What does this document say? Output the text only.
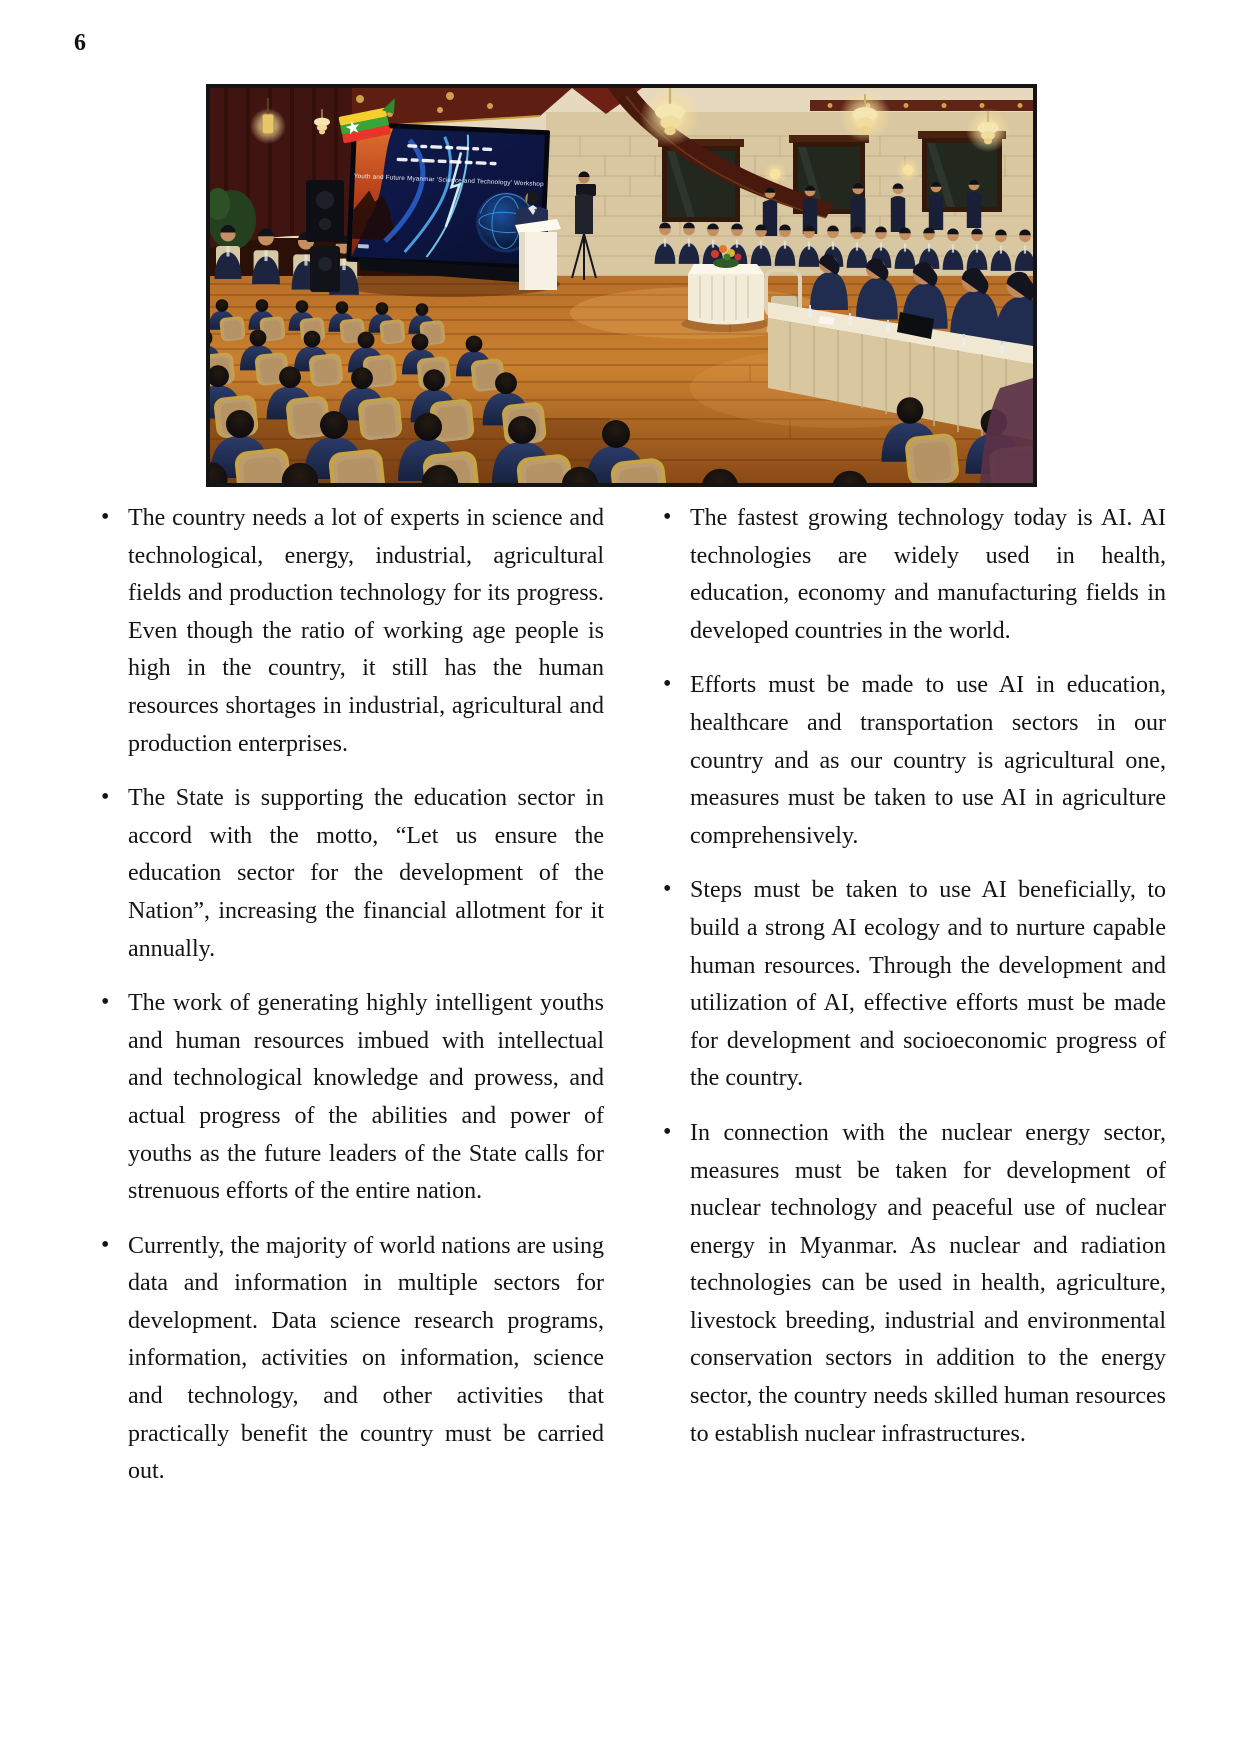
6
Youth and Future Myanmar ‘Science and Technology’ Workshop
• The country needs a lot of experts in science and technological, energy, industrial, agricultural fields and production technology for its progress. Even though the ratio of working age people is high in the country, it still has the human resources shortages in industrial, agricultural and production enterprises.
• The State is supporting the education sector in accord with the motto, “Let us ensure the education sector for the development of the Nation”, increasing the financial allotment for it annually.
• The work of generating highly intelligent youths and human resources imbued with intellectual and technological knowledge and prowess, and actual progress of the abilities and power of youths as the future leaders of the State calls for strenuous efforts of the entire nation.
• Currently, the majority of world nations are using data and information in multiple sectors for development. Data science research programs, information, activities on information, science and technology, and other activities that practically benefit the country must be carried out.
• The fastest growing technology today is AI. AI technologies are widely used in health, education, economy and manufacturing fields in developed countries in the world.
• Efforts must be made to use AI in education, healthcare and transportation sectors in our country and as our country is agricultural one, measures must be taken to use AI in agriculture comprehensively.
• Steps must be taken to use AI beneficially, to build a strong AI ecology and to nurture capable human resources. Through the development and utilization of AI, effective efforts must be made for development and socioeconomic progress of the country.
• In connection with the nuclear energy sector, measures must be taken for development of nuclear technology and peaceful use of nuclear energy in Myanmar. As nuclear and radiation technologies can be used in health, agriculture, livestock breeding, industrial and environmental conservation sectors in addition to the energy sector, the country needs skilled human resources to establish nuclear infrastructures.
